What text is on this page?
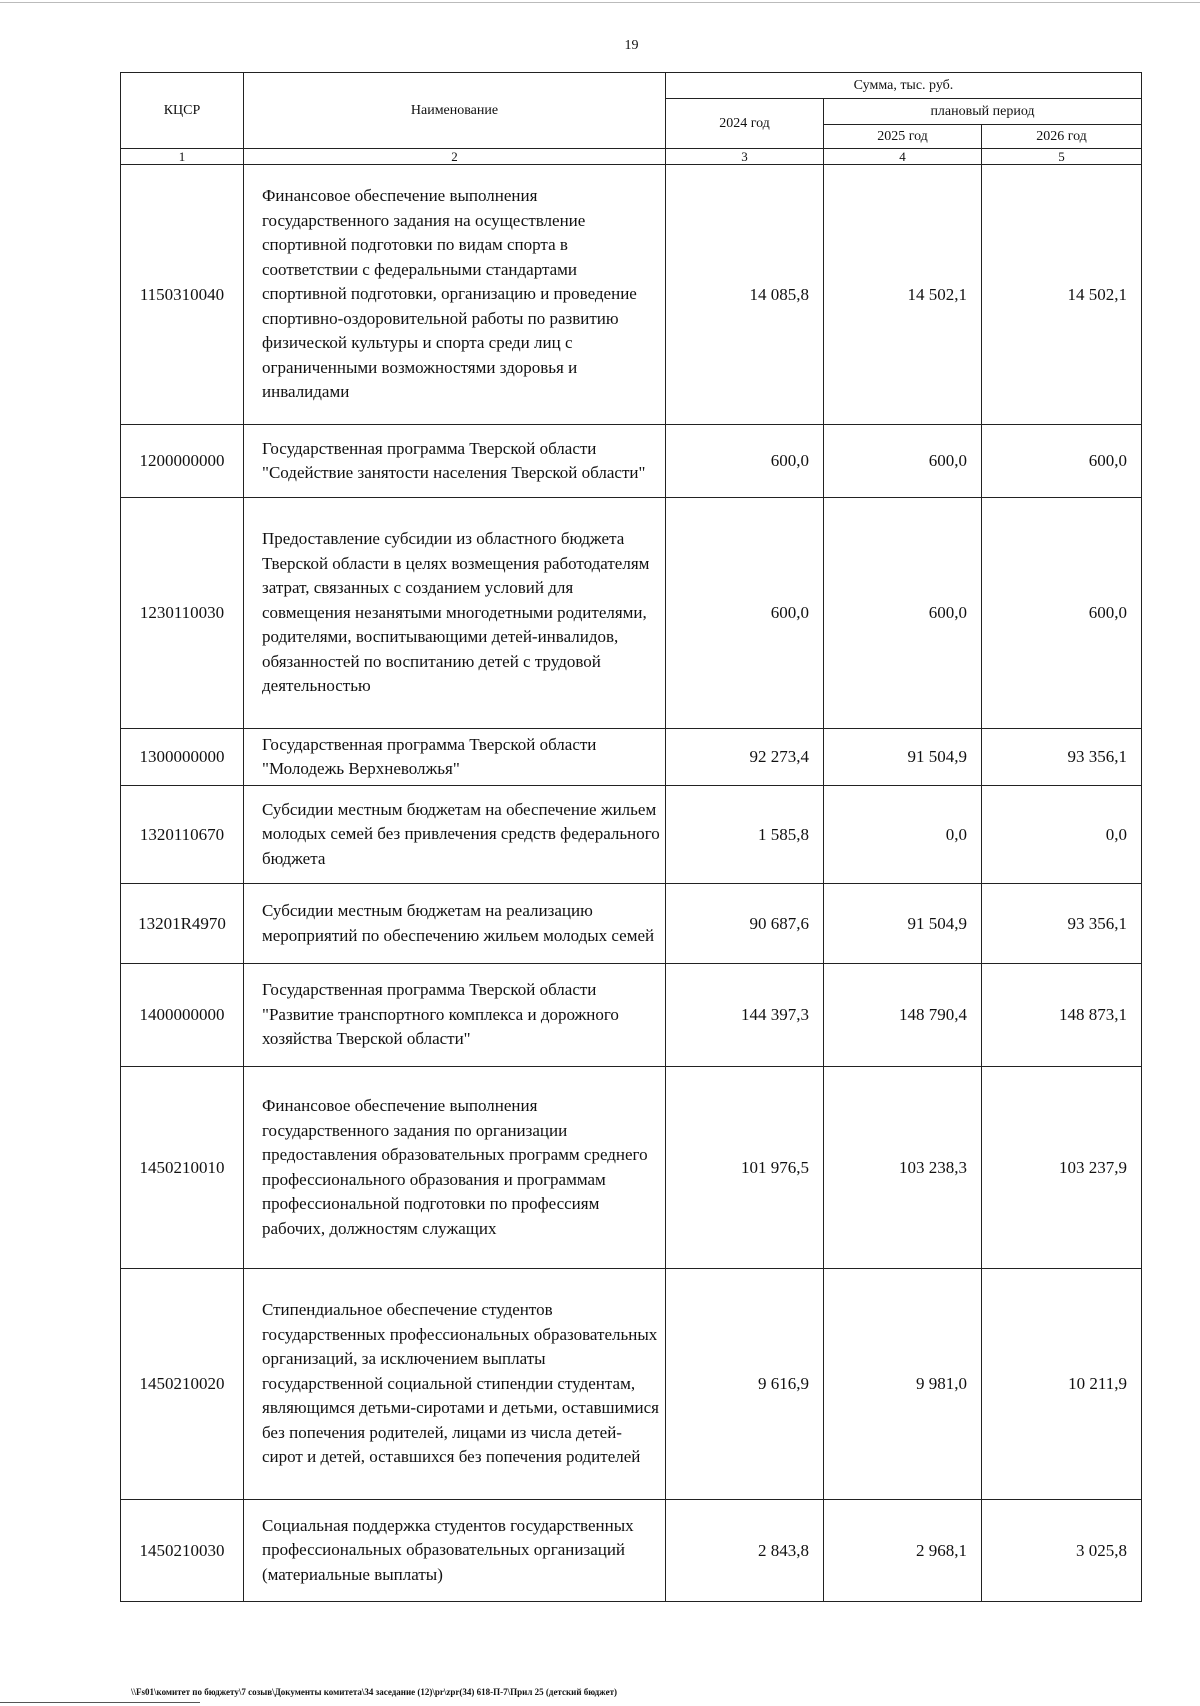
19
КЦСР	Наименование	Сумма, тыс. руб.		
		2024 год	плановый период	
			2025 год	2026 год
1	2	3	4	5
1150310040	Финансовое обеспечение выполнения государственного задания на осуществление спортивной подготовки по видам спорта в соответствии с федеральными стандартами спортивной подготовки, организацию и проведение спортивно-оздоровительной работы по развитию физической культуры и спорта среди лиц с ограниченными возможностями здоровья и инвалидами	14 085,8	14 502,1	14 502,1
1200000000	Государственная программа Тверской области "Содействие занятости населения Тверской области"	600,0	600,0	600,0
1230110030	Предоставление субсидии из областного бюджета Тверской области в целях возмещения работодателям затрат, связанных с созданием условий для совмещения незанятыми многодетными родителями, родителями, воспитывающими детей-инвалидов, обязанностей по воспитанию детей с трудовой деятельностью	600,0	600,0	600,0
1300000000	Государственная программа Тверской области "Молодежь Верхневолжья"	92 273,4	91 504,9	93 356,1
1320110670	Субсидии местным бюджетам на обеспечение жильем молодых семей без привлечения средств федерального бюджета	1 585,8	0,0	0,0
13201R4970	Субсидии местным бюджетам на реализацию мероприятий по обеспечению жильем молодых семей	90 687,6	91 504,9	93 356,1
1400000000	Государственная программа Тверской области "Развитие транспортного комплекса и дорожного хозяйства Тверской области"	144 397,3	148 790,4	148 873,1
1450210010	Финансовое обеспечение выполнения государственного задания по организации предоставления образовательных программ среднего профессионального образования и программам профессиональной подготовки по профессиям рабочих, должностям служащих	101 976,5	103 238,3	103 237,9
1450210020	Стипендиальное обеспечение студентов государственных профессиональных образовательных организаций, за исключением выплаты государственной социальной стипендии студентам, являющимся детьми-сиротами и детьми, оставшимися без попечения родителей, лицами из числа детей-сирот и детей, оставшихся без попечения родителей	9 616,9	9 981,0	10 211,9
1450210030	Социальная поддержка студентов государственных профессиональных образовательных организаций (материальные выплаты)	2 843,8	2 968,1	3 025,8
\\Fs01\комитет по бюджету\7 созыв\Документы комитета\34 заседание (12)\pr\zpr(34) 618-П-7\Прил 25 (детский бюджет)
